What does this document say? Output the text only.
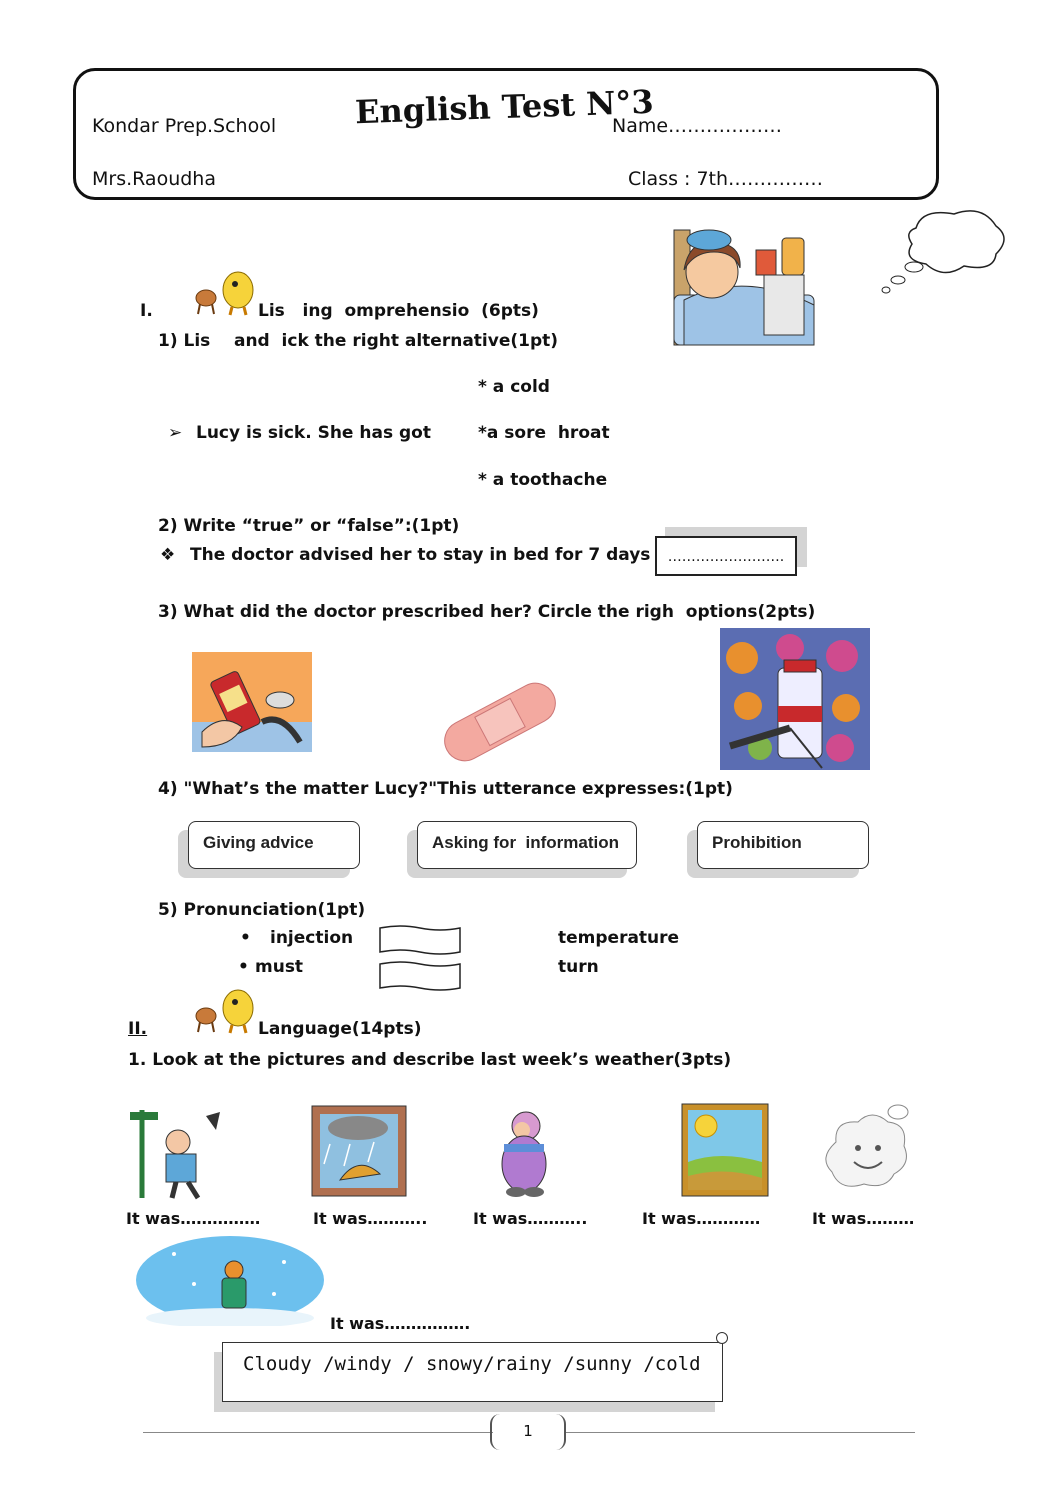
Kondar Prep.School English Test N°3
Name………………
Mrs.Raoudha	Class : 7th……………
I.	Lis   ing  omprehensio  (6pts)
1) Lis    and  ick the right alternative(1pt)
* a cold
➢ Lucy is sick. She has got	*a sore  hroat
* a toothache
2) Write “true” or “false”:(1pt)
❖ The doctor advised her to stay in bed for 7 days	…………………….
3) What did the doctor prescribed her? Circle the righ  options(2pts)
4) "What’s the matter Lucy?"This utterance expresses:(1pt)
Giving advice	Asking for  information	Prohibition
5) Pronunciation(1pt)
• injection
• must
temperature
turn
II.	Language(14pts)
1. Look at the pictures and describe last week’s weather(3pts)
It was……………	It was………..	It was………..	It was…………	It was………
It was…………….
Cloudy /windy / snowy/rainy /sunny /cold
1
